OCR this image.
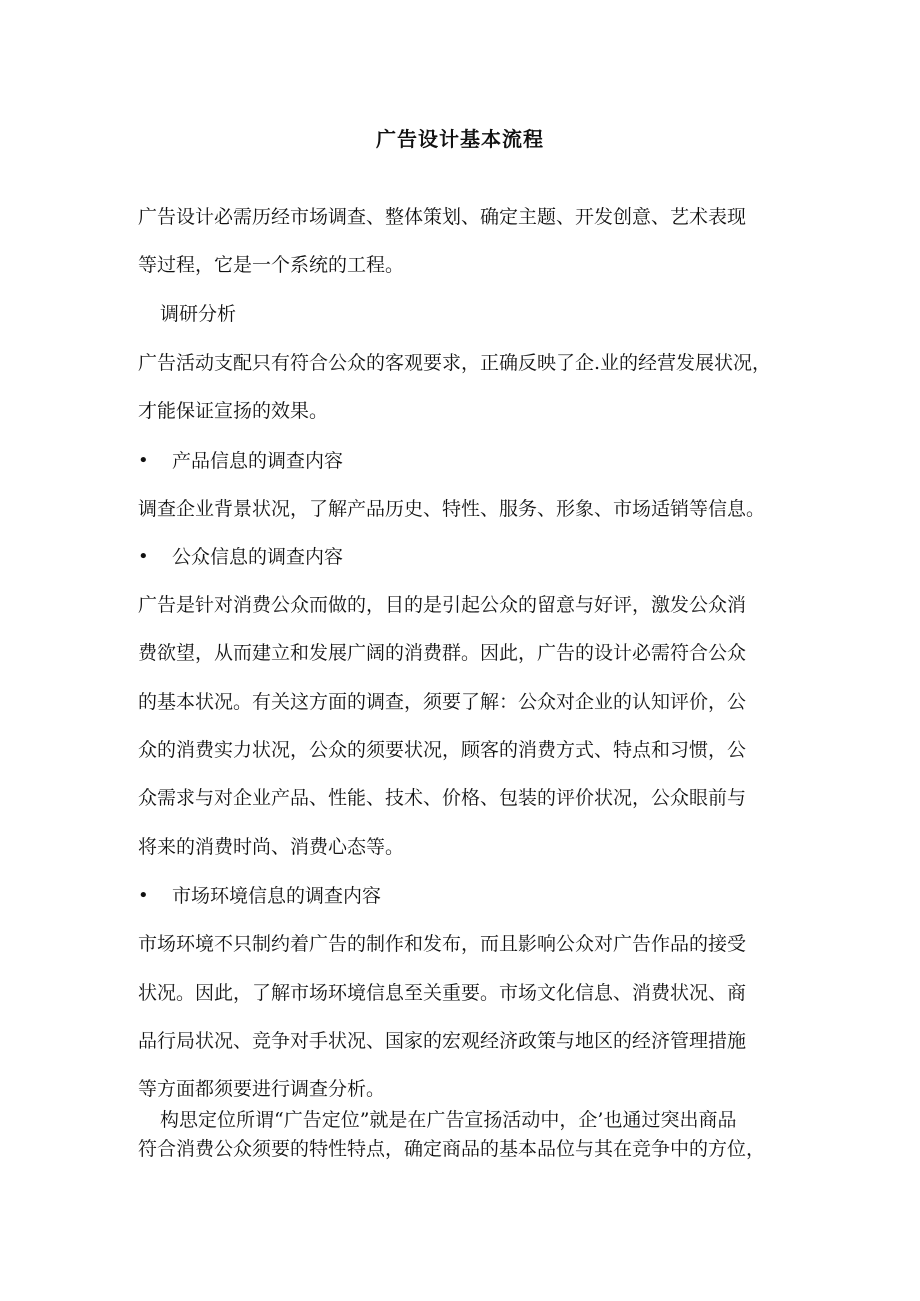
广告设计基本流程
广告设计必需历经市场调查、整体策划、确定主题、开发创意、艺术表现
等过程，它是一个系统的工程。
调研分析
广告活动支配只有符合公众的客观要求，正确反映了企.业的经营发展状况，
才能保证宣扬的效果。
• 产品信息的调查内容
调查企业背景状况，了解产品历史、特性、服务、形象、市场适销等信息。
• 公众信息的调查内容
广告是针对消费公众而做的，目的是引起公众的留意与好评，激发公众消
费欲望，从而建立和发展广阔的消费群。因此，广告的设计必需符合公众
的基本状况。有关这方面的调查，须要了解：公众对企业的认知评价，公
众的消费实力状况，公众的须要状况，顾客的消费方式、特点和习惯，公
众需求与对企业产品、性能、技术、价格、包装的评价状况，公众眼前与
将来的消费时尚、消费心态等。
• 市场环境信息的调查内容
市场环境不只制约着广告的制作和发布，而且影响公众对广告作品的接受
状况。因此，了解市场环境信息至关重要。市场文化信息、消费状况、商
品行局状况、竞争对手状况、国家的宏观经济政策与地区的经济管理措施
等方面都须要进行调查分析。
构思定位所谓“广告定位”就是在广告宣扬活动中，企’也通过突出商品
符合消费公众须要的特性特点，确定商品的基本品位与其在竞争中的方位，
